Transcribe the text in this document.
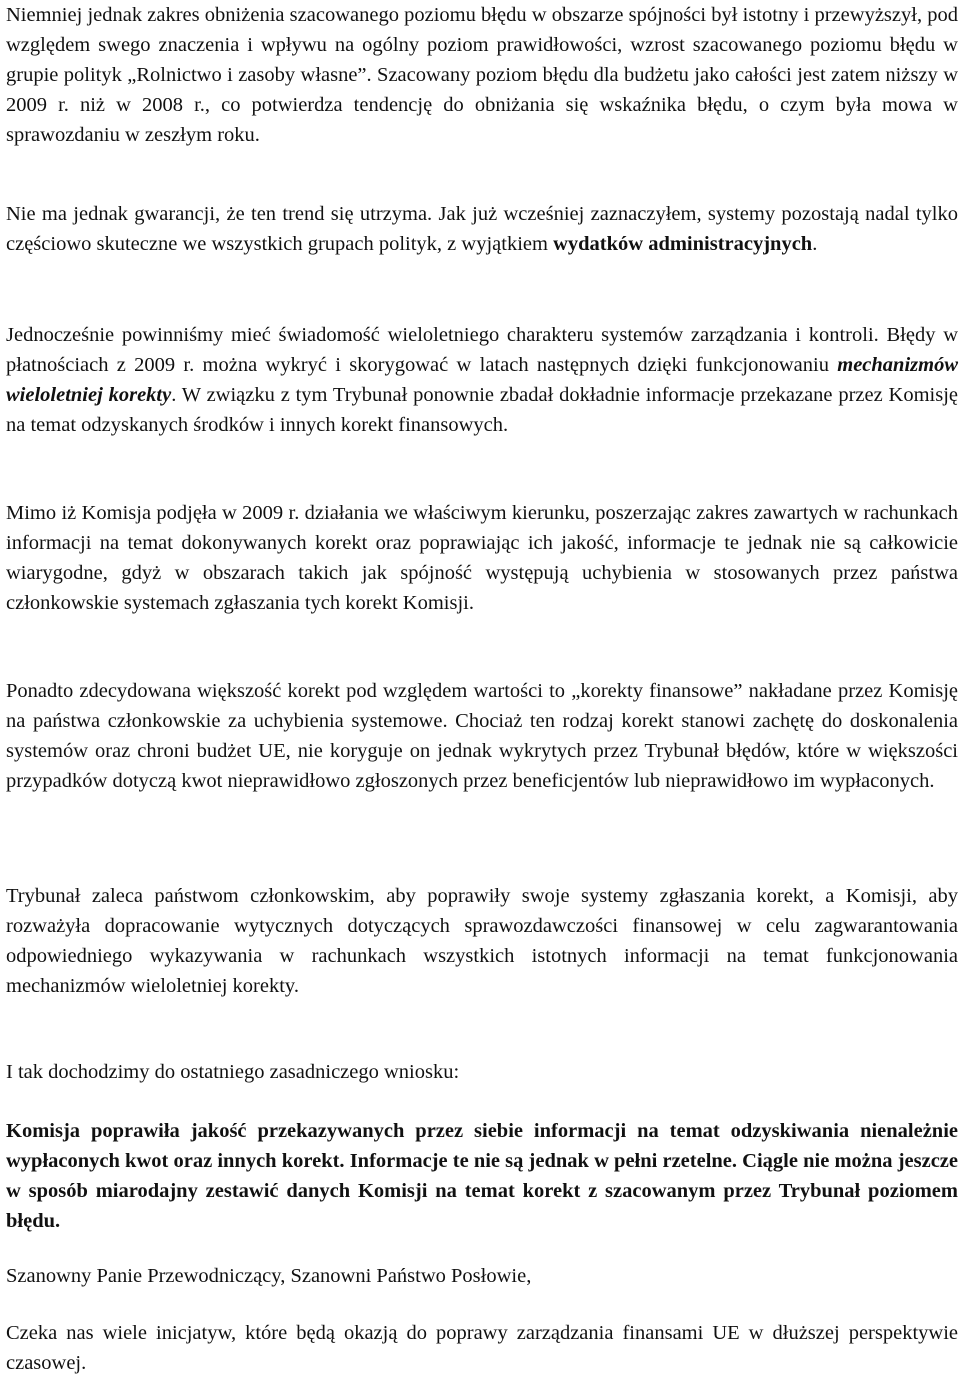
Niemniej jednak zakres obniżenia szacowanego poziomu błędu w obszarze spójności był istotny i przewyższył, pod względem swego znaczenia i wpływu na ogólny poziom prawidłowości, wzrost szacowanego poziomu błędu w grupie polityk „Rolnictwo i zasoby własne”. Szacowany poziom błędu dla budżetu jako całości jest zatem niższy w 2009 r. niż w 2008 r., co potwierdza tendencję do obniżania się wskaźnika błędu, o czym była mowa w sprawozdaniu w zeszłym roku.

Nie ma jednak gwarancji, że ten trend się utrzyma. Jak już wcześniej zaznaczyłem, systemy pozostają nadal tylko częściowo skuteczne we wszystkich grupach polityk, z wyjątkiem wydatków administracyjnych.

Jednocześnie powinniśmy mieć świadomość wieloletniego charakteru systemów zarządzania i kontroli. Błędy w płatnościach z 2009 r. można wykryć i skorygować w latach następnych dzięki funkcjonowaniu mechanizmów wieloletniej korekty. W związku z tym Trybunał ponownie zbadał dokładnie informacje przekazane przez Komisję na temat odzyskanych środków i innych korekt finansowych.

Mimo iż Komisja podjęła w 2009 r. działania we właściwym kierunku, poszerzając zakres zawartych w rachunkach informacji na temat dokonywanych korekt oraz poprawiając ich jakość, informacje te jednak nie są całkowicie wiarygodne, gdyż w obszarach takich jak spójność występują uchybienia w stosowanych przez państwa członkowskie systemach zgłaszania tych korekt Komisji.

Ponadto zdecydowana większość korekt pod względem wartości to „korekty finansowe” nakładane przez Komisję na państwa członkowskie za uchybienia systemowe. Chociaż ten rodzaj korekt stanowi zachętę do doskonalenia systemów oraz chroni budżet UE, nie koryguje on jednak wykrytych przez Trybunał błędów, które w większości przypadków dotyczą kwot nieprawidłowo zgłoszonych przez beneficjentów lub nieprawidłowo im wypłaconych.

Trybunał zaleca państwom członkowskim, aby poprawiły swoje systemy zgłaszania korekt, a Komisji, aby rozważyła dopracowanie wytycznych dotyczących sprawozdawczości finansowej w celu zagwarantowania odpowiedniego wykazywania w rachunkach wszystkich istotnych informacji na temat funkcjonowania mechanizmów wieloletniej korekty.

I tak dochodzimy do ostatniego zasadniczego wniosku:

Komisja poprawiła jakość przekazywanych przez siebie informacji na temat odzyskiwania nienależnie wypłaconych kwot oraz innych korekt. Informacje te nie są jednak w pełni rzetelne. Ciągle nie można jeszcze w sposób miarodajny zestawić danych Komisji na temat korekt z szacowanym przez Trybunał poziomem błędu.

Szanowny Panie Przewodniczący, Szanowni Państwo Posłowie,

Czeka nas wiele inicjatyw, które będą okazją do poprawy zarządzania finansami UE w dłuższej perspektywie czasowej.
